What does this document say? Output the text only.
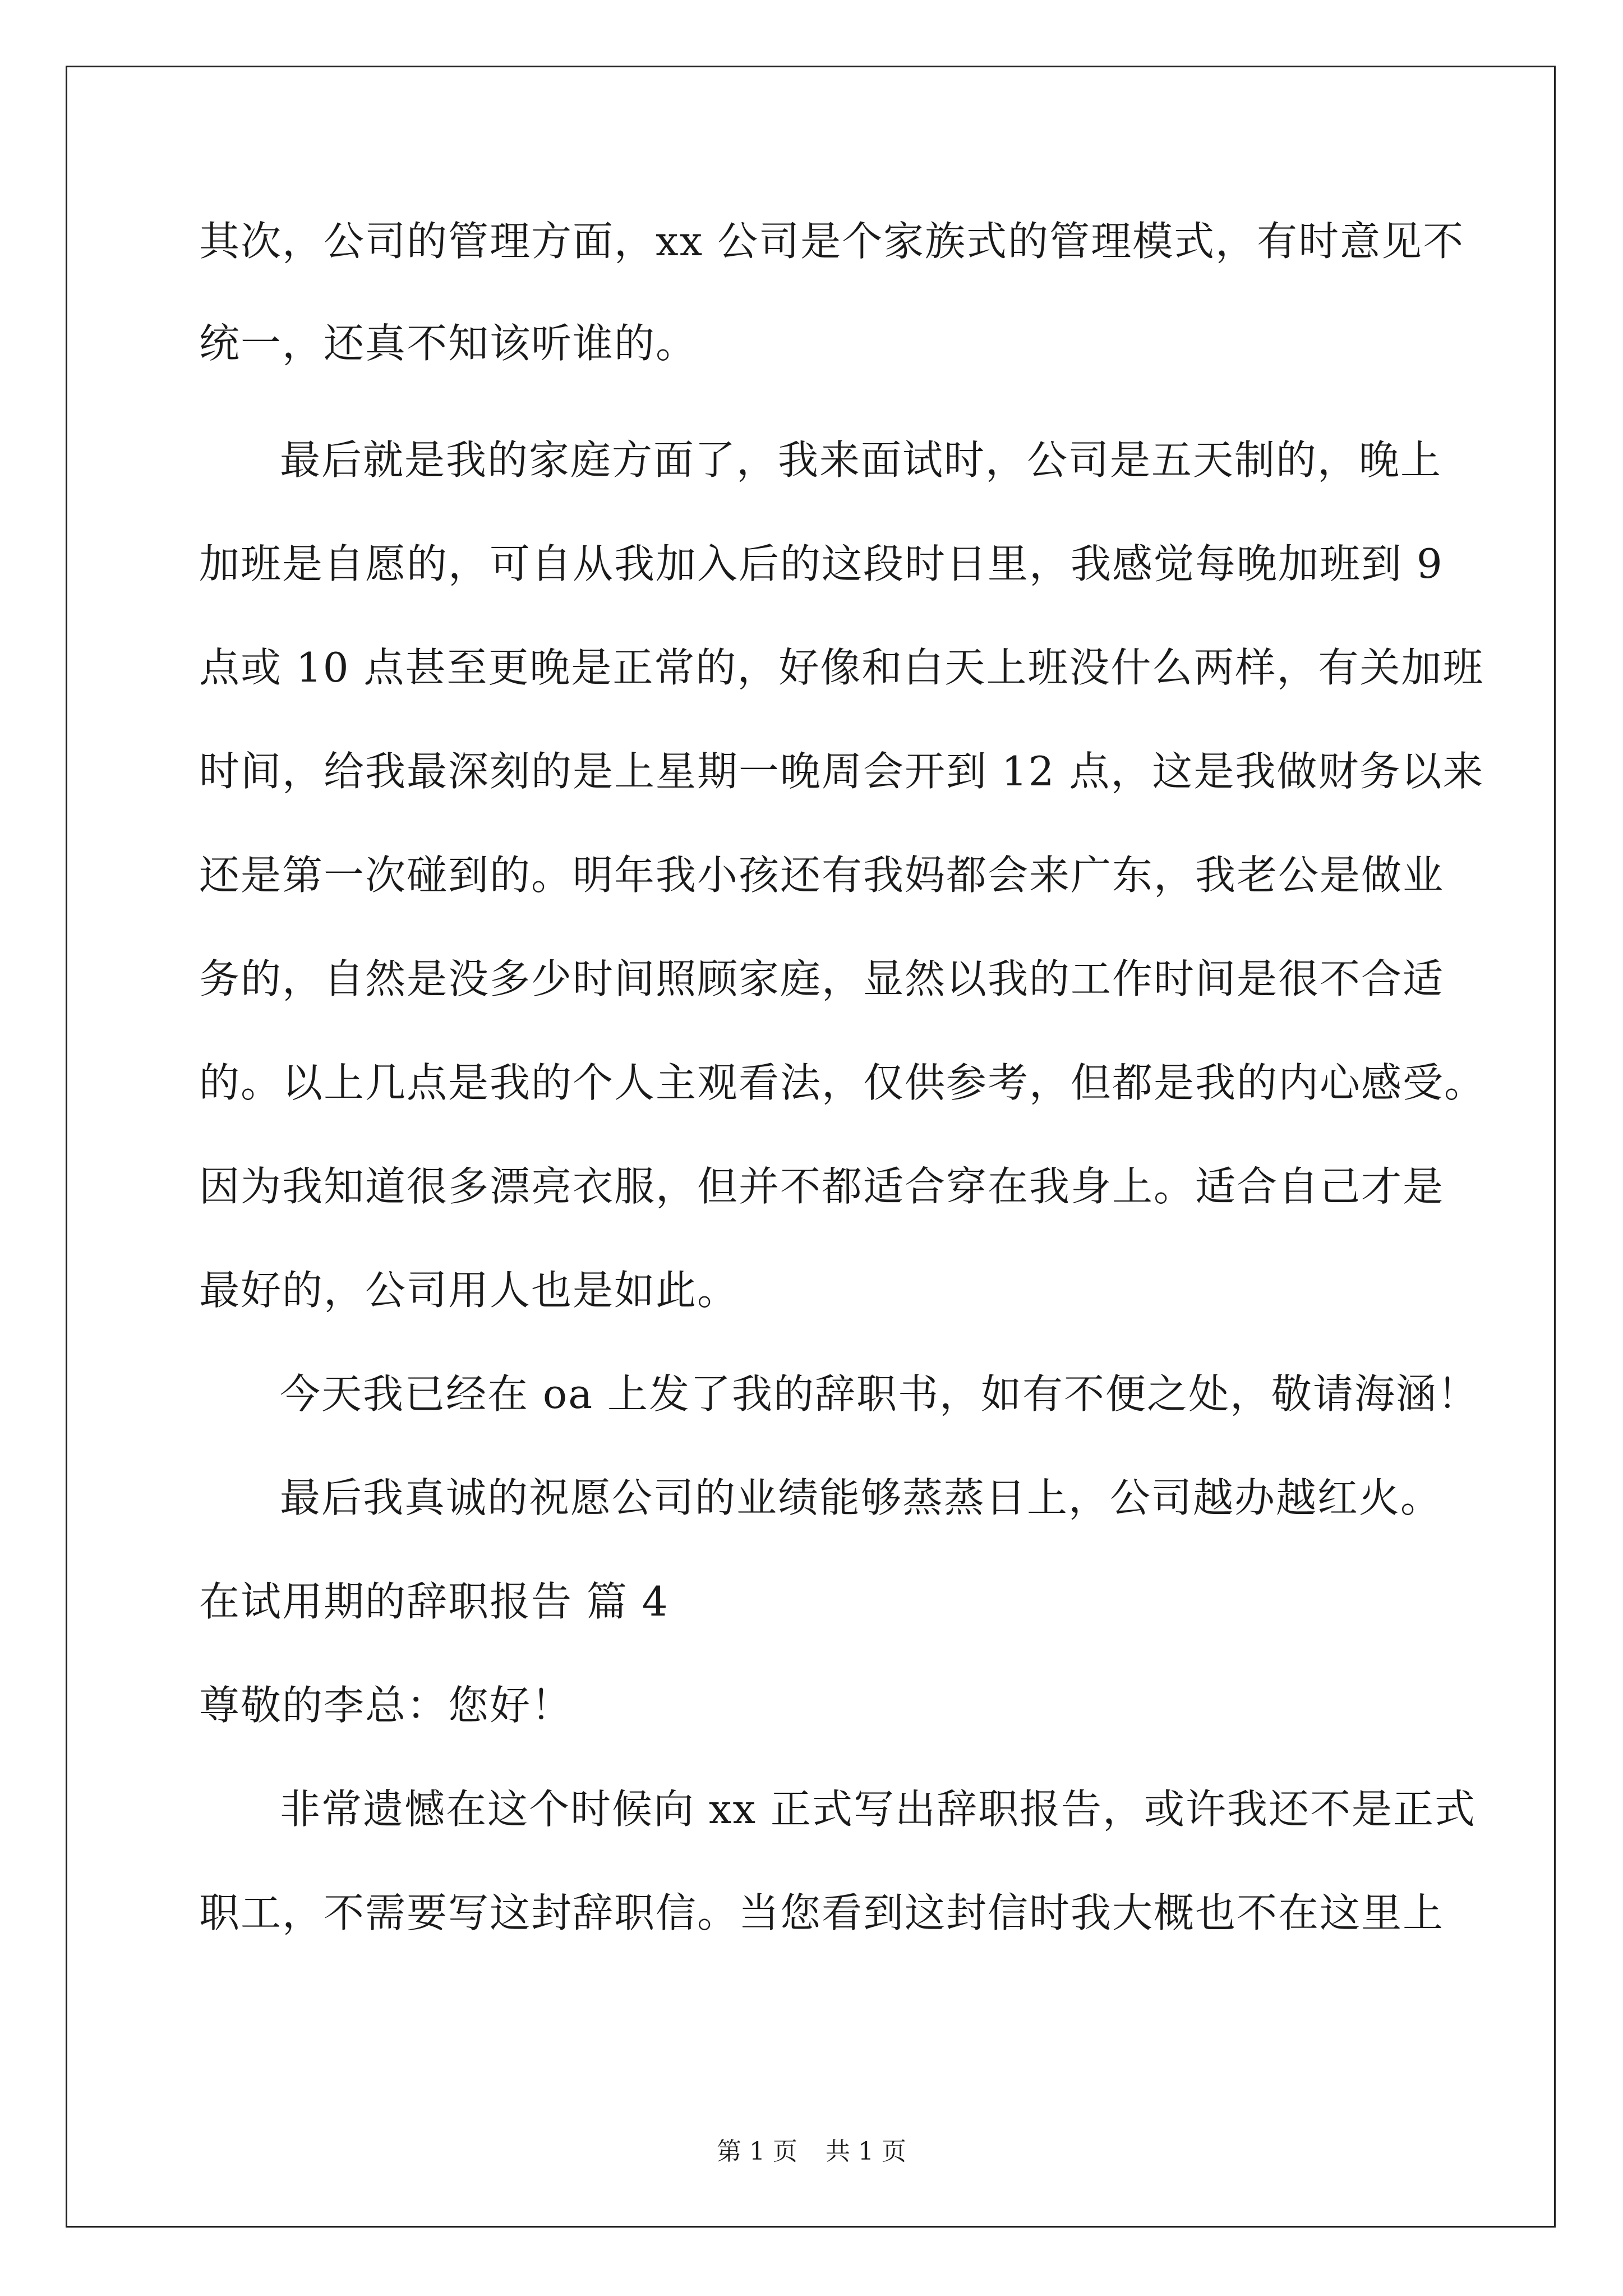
其次，公司的管理方面，xx 公司是个家族式的管理模式，有时意见不
统一，还真不知该听谁的。
最后就是我的家庭方面了，我来面试时，公司是五天制的，晚上
加班是自愿的，可自从我加入后的这段时日里，我感觉每晚加班到 9
点或 10 点甚至更晚是正常的，好像和白天上班没什么两样，有关加班
时间，给我最深刻的是上星期一晚周会开到 12 点，这是我做财务以来
还是第一次碰到的。明年我小孩还有我妈都会来广东，我老公是做业
务的，自然是没多少时间照顾家庭，显然以我的工作时间是很不合适
的。以上几点是我的个人主观看法，仅供参考，但都是我的内心感受。
因为我知道很多漂亮衣服，但并不都适合穿在我身上。适合自己才是
最好的，公司用人也是如此。
今天我已经在 oa 上发了我的辞职书，如有不便之处，敬请海涵！
最后我真诚的祝愿公司的业绩能够蒸蒸日上，公司越办越红火。
在试用期的辞职报告 篇 4
尊敬的李总：您好！
非常遗憾在这个时候向 xx 正式写出辞职报告，或许我还不是正式
职工，不需要写这封辞职信。当您看到这封信时我大概也不在这里上
第 1 页 共 1 页
